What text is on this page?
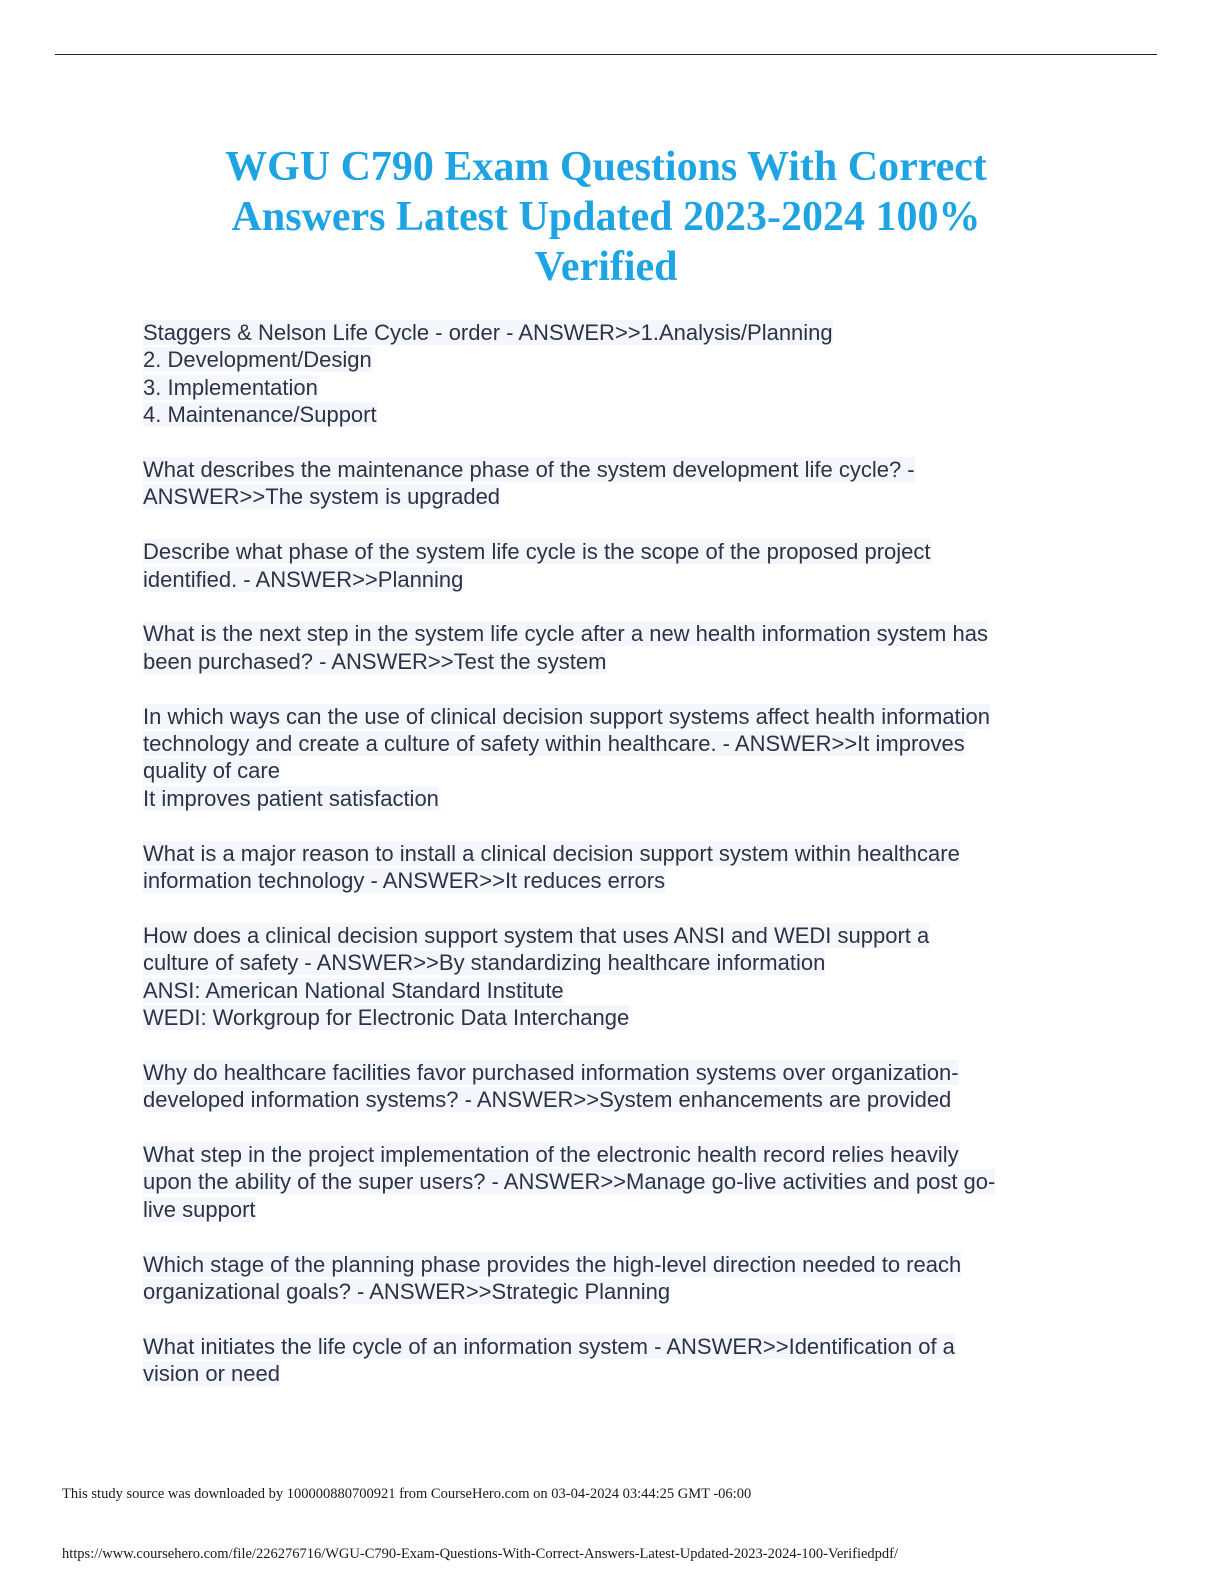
WGU C790 Exam Questions With Correct
Answers Latest Updated 2023-2024 100%
Verified
Staggers & Nelson Life Cycle - order - ANSWER>>1.Analysis/Planning
2. Development/Design
3. Implementation
4. Maintenance/Support
What describes the maintenance phase of the system development life cycle? -
ANSWER>>The system is upgraded
Describe what phase of the system life cycle is the scope of the proposed project
identified. - ANSWER>>Planning
What is the next step in the system life cycle after a new health information system has
been purchased? - ANSWER>>Test the system
In which ways can the use of clinical decision support systems affect health information
technology and create a culture of safety within healthcare. - ANSWER>>It improves
quality of care
It improves patient satisfaction
What is a major reason to install a clinical decision support system within healthcare
information technology - ANSWER>>It reduces errors
How does a clinical decision support system that uses ANSI and WEDI support a
culture of safety - ANSWER>>By standardizing healthcare information
ANSI: American National Standard Institute
WEDI: Workgroup for Electronic Data Interchange
Why do healthcare facilities favor purchased information systems over organization-
developed information systems? - ANSWER>>System enhancements are provided
What step in the project implementation of the electronic health record relies heavily
upon the ability of the super users? - ANSWER>>Manage go-live activities and post go-
live support
Which stage of the planning phase provides the high-level direction needed to reach
organizational goals? - ANSWER>>Strategic Planning
What initiates the life cycle of an information system - ANSWER>>Identification of a
vision or need
This study source was downloaded by 100000880700921 from CourseHero.com on 03-04-2024 03:44:25 GMT -06:00
https://www.coursehero.com/file/226276716/WGU-C790-Exam-Questions-With-Correct-Answers-Latest-Updated-2023-2024-100-Verifiedpdf/
